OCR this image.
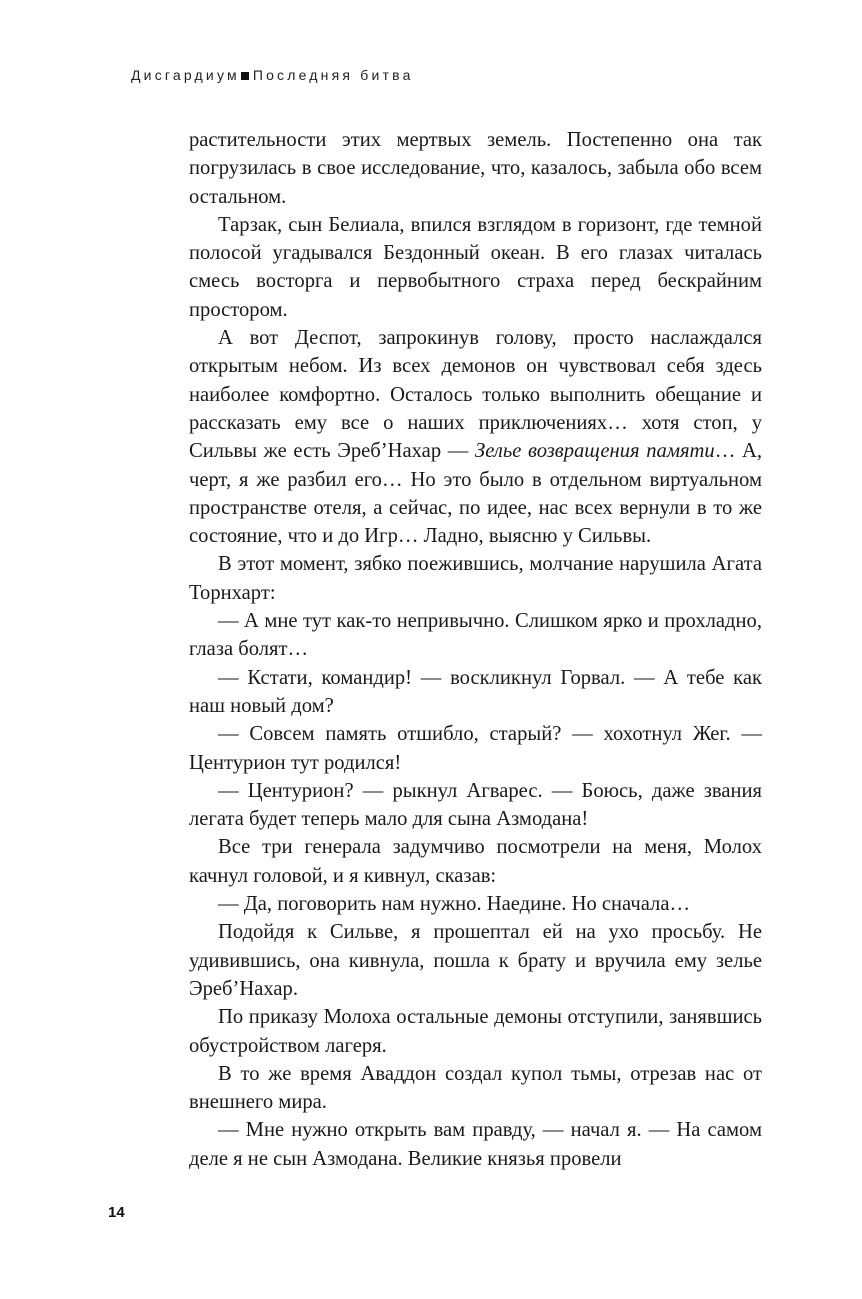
Дисгардиум Последняя битва

растительности этих мертвых земель. Постепенно она так погрузилась в свое исследование, что, казалось, забыла обо всем остальном.

Тарзак, сын Белиала, впился взглядом в горизонт, где темной полосой угадывался Бездонный океан. В его глазах читалась смесь восторга и первобытного страха перед бескрайним простором.

А вот Деспот, запрокинув голову, просто наслаждался открытым небом. Из всех демонов он чувствовал себя здесь наиболее комфортно. Осталось только выполнить обещание и рассказать ему все о наших приключениях… хотя стоп, у Сильвы же есть Эреб’Нахар — Зелье возвращения памяти… А, черт, я же разбил его… Но это было в отдельном виртуальном пространстве отеля, а сейчас, по идее, нас всех вернули в то же состояние, что и до Игр… Ладно, выясню у Сильвы.

В этот момент, зябко поежившись, молчание нарушила Агата Торнхарт:

— А мне тут как-то непривычно. Слишком ярко и прохладно, глаза болят…

— Кстати, командир! — воскликнул Горвал. — А тебе как наш новый дом?

— Совсем память отшибло, старый? — хохотнул Жег. — Центурион тут родился!

— Центурион? — рыкнул Агварес. — Боюсь, даже звания легата будет теперь мало для сына Азмодана!

Все три генерала задумчиво посмотрели на меня, Молох качнул головой, и я кивнул, сказав:

— Да, поговорить нам нужно. Наедине. Но сначала…

Подойдя к Сильве, я прошептал ей на ухо просьбу. Не удивившись, она кивнула, пошла к брату и вручила ему зелье Эреб’Нахар.

По приказу Молоха остальные демоны отступили, занявшись обустройством лагеря.

В то же время Аваддон создал купол тьмы, отрезав нас от внешнего мира.

— Мне нужно открыть вам правду, — начал я. — На самом деле я не сын Азмодана. Великие князья провели

14
